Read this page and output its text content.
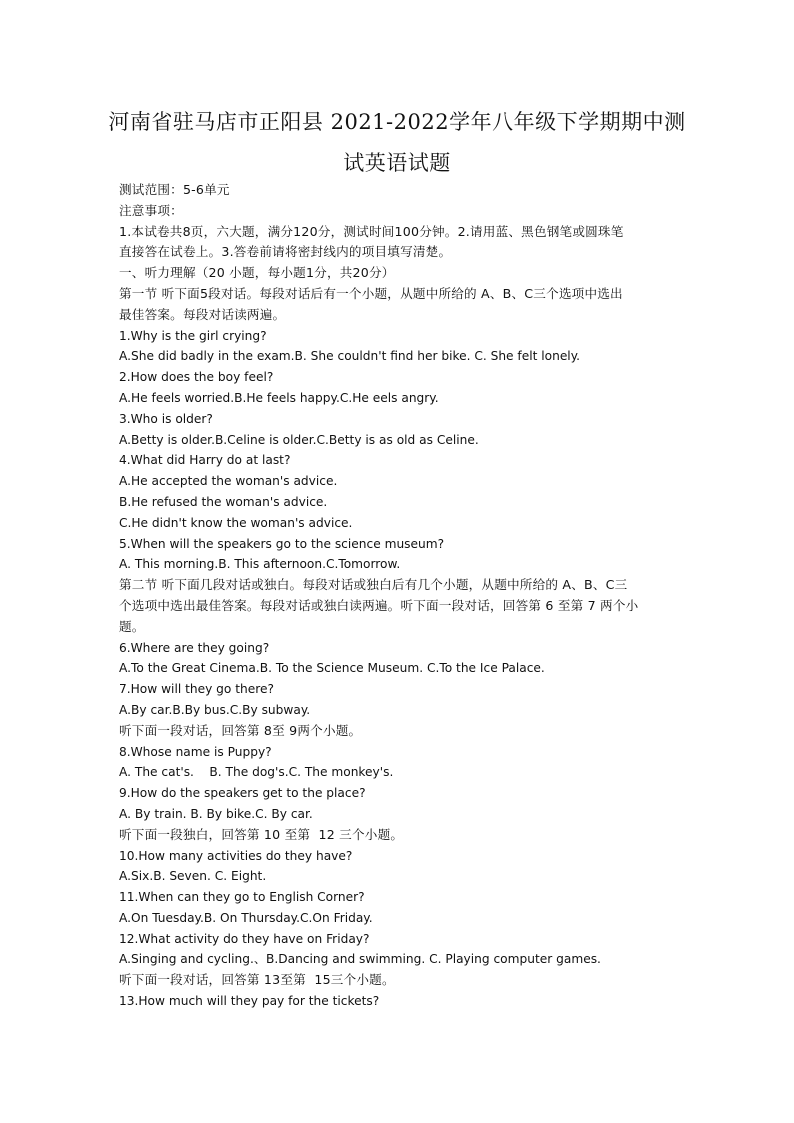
河南省驻马店市正阳县 2021-2022学年八年级下学期期中测
试英语试题
测试范围：5-6单元
注意事项：
1.本试卷共8页，六大题，满分120分，测试时间100分钟。2.请用蓝、黑色钢笔或圆珠笔
直接答在试卷上。3.答卷前请将密封线内的项目填写清楚。
一、听力理解（20 小题，每小题1分，共20分）
第一节 听下面5段对话。每段对话后有一个小题，从题中所给的 A、B、C三个选项中选出
最佳答案。每段对话读两遍。
1.Why is the girl crying?
A.She did badly in the exam.B. She couldn't find her bike. C. She felt lonely.
2.How does the boy feel?
A.He feels worried.B.He feels happy.C.He eels angry.
3.Who is older?
A.Betty is older.B.Celine is older.C.Betty is as old as Celine.
4.What did Harry do at last?
A.He accepted the woman's advice.
B.He refused the woman's advice.
C.He didn't know the woman's advice.
5.When will the speakers go to the science museum?
A. This morning.B. This afternoon.C.Tomorrow.
第二节 听下面几段对话或独白。每段对话或独白后有几个小题，从题中所给的 A、B、C三
个选项中选出最佳答案。每段对话或独白读两遍。听下面一段对话，回答第 6 至第 7 两个小
题。
6.Where are they going?
A.To the Great Cinema.B. To the Science Museum. C.To the Ice Palace.
7.How will they go there?
A.By car.B.By bus.C.By subway.
听下面一段对话，回答第 8至 9两个小题。
8.Whose name is Puppy?
A. The cat's.    B. The dog's.C. The monkey's.
9.How do the speakers get to the place?
A. By train. B. By bike.C. By car.
听下面一段独白，回答第 10 至第  12 三个小题。
10.How many activities do they have?
A.Six.B. Seven. C. Eight.
11.When can they go to English Corner?
A.On Tuesday.B. On Thursday.C.On Friday.
12.What activity do they have on Friday?
A.Singing and cycling.、B.Dancing and swimming. C. Playing computer games.
听下面一段对话，回答第 13至第  15三个小题。
13.How much will they pay for the tickets?
